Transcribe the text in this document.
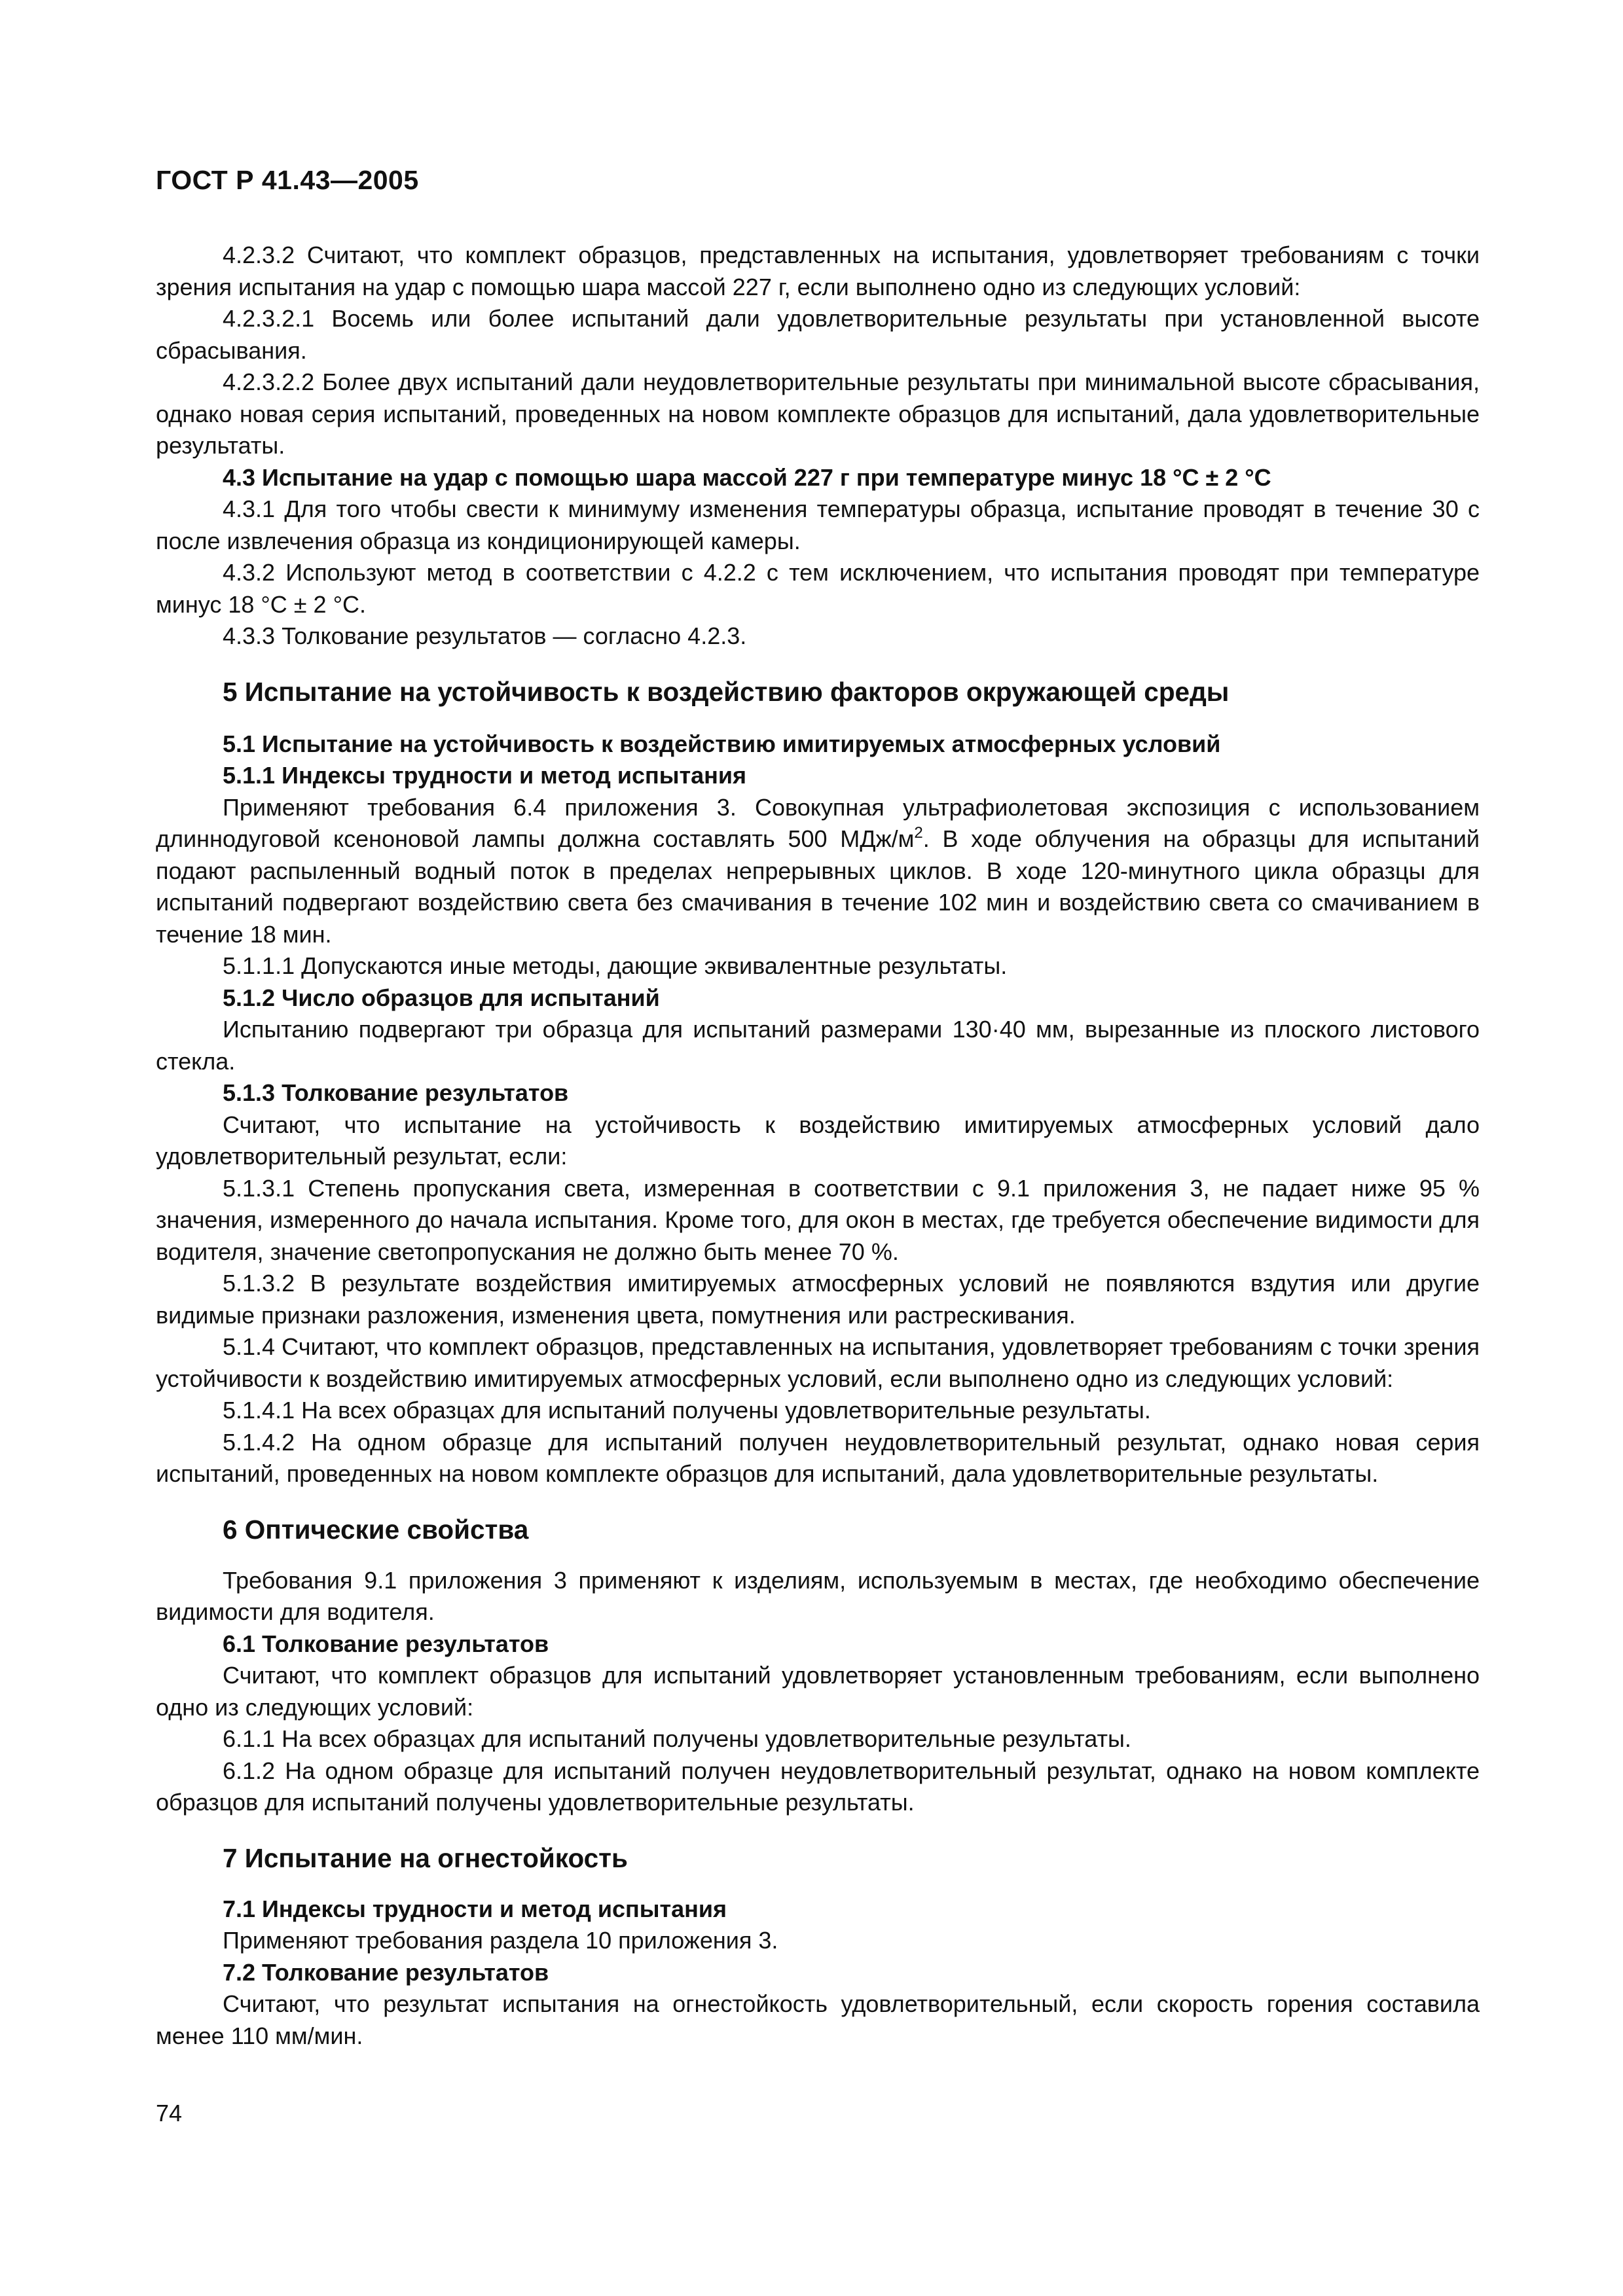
ГОСТ Р 41.43—2005

4.2.3.2 Считают, что комплект образцов, представленных на испытания, удовлетворяет требованиям с точки зрения испытания на удар с помощью шара массой 227 г, если выполнено одно из следующих условий:

4.2.3.2.1 Восемь или более испытаний дали удовлетворительные результаты при установленной высоте сбрасывания.

4.2.3.2.2 Более двух испытаний дали неудовлетворительные результаты при минимальной высоте сбрасывания, однако новая серия испытаний, проведенных на новом комплекте образцов для испытаний, дала удовлетворительные результаты.

4.3 Испытание на удар с помощью шара массой 227 г при температуре минус 18 °С ± 2 °С

4.3.1 Для того чтобы свести к минимуму изменения температуры образца, испытание проводят в течение 30 с после извлечения образца из кондиционирующей камеры.

4.3.2 Используют метод в соответствии с 4.2.2 с тем исключением, что испытания проводят при температуре минус 18 °С ± 2 °С.

4.3.3 Толкование результатов — согласно 4.2.3.

5 Испытание на устойчивость к воздействию факторов окружающей среды

5.1 Испытание на устойчивость к воздействию имитируемых атмосферных условий

5.1.1 Индексы трудности и метод испытания

Применяют требования 6.4 приложения 3. Совокупная ультрафиолетовая экспозиция с использованием длиннодуговой ксеноновой лампы должна составлять 500 МДж/$м^2$. В ходе облучения на образцы для испытаний подают распыленный водный поток в пределах непрерывных циклов. В ходе 120-минутного цикла образцы для испытаний подвергают воздействию света без смачивания в течение 102 мин и воздействию света со смачиванием в течение 18 мин.

5.1.1.1 Допускаются иные методы, дающие эквивалентные результаты.

5.1.2 Число образцов для испытаний

Испытанию подвергают три образца для испытаний размерами 130·40 мм, вырезанные из плоского листового стекла.

5.1.3 Толкование результатов

Считают, что испытание на устойчивость к воздействию имитируемых атмосферных условий дало удовлетворительный результат, если:

5.1.3.1 Степень пропускания света, измеренная в соответствии с 9.1 приложения 3, не падает ниже 95 % значения, измеренного до начала испытания. Кроме того, для окон в местах, где требуется обеспечение видимости для водителя, значение светопропускания не должно быть менее 70 %.

5.1.3.2 В результате воздействия имитируемых атмосферных условий не появляются вздутия или другие видимые признаки разложения, изменения цвета, помутнения или растрескивания.

5.1.4 Считают, что комплект образцов, представленных на испытания, удовлетворяет требованиям с точки зрения устойчивости к воздействию имитируемых атмосферных условий, если выполнено одно из следующих условий:

5.1.4.1 На всех образцах для испытаний получены удовлетворительные результаты.

5.1.4.2 На одном образце для испытаний получен неудовлетворительный результат, однако новая серия испытаний, проведенных на новом комплекте образцов для испытаний, дала удовлетворительные результаты.

6 Оптические свойства

Требования 9.1 приложения 3 применяют к изделиям, используемым в местах, где необходимо обеспечение видимости для водителя.

6.1 Толкование результатов

Считают, что комплект образцов для испытаний удовлетворяет установленным требованиям, если выполнено одно из следующих условий:

6.1.1 На всех образцах для испытаний получены удовлетворительные результаты.

6.1.2 На одном образце для испытаний получен неудовлетворительный результат, однако на новом комплекте образцов для испытаний получены удовлетворительные результаты.

7 Испытание на огнестойкость

7.1 Индексы трудности и метод испытания

Применяют требования раздела 10 приложения 3.

7.2 Толкование результатов

Считают, что результат испытания на огнестойкость удовлетворительный, если скорость горения составила менее 110 мм/мин.

74
